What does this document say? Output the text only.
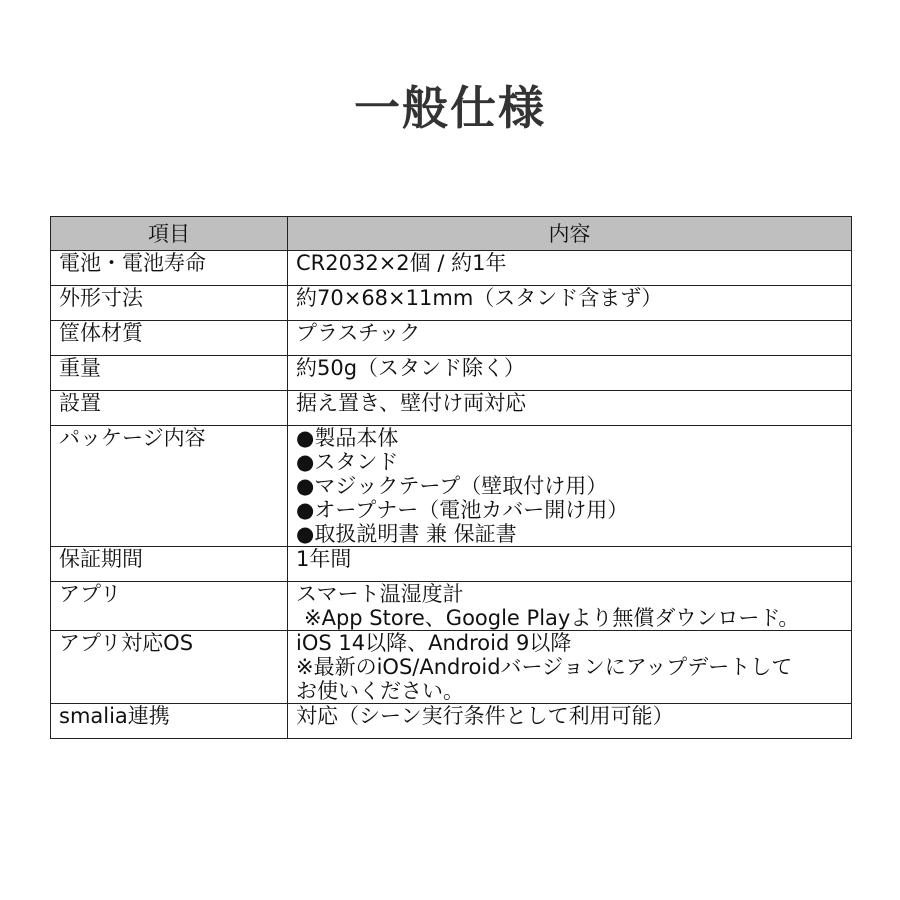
一般仕様
項目	内容
電池・電池寿命	CR2032×2個 / 約1年

外形寸法	約70×68×11mm（スタンド含まず）

筐体材質	プラスチック

重量	約50g（スタンド除く）

設置	据え置き、壁付け両対応

パッケージ内容	●製品本体
●スタンド
●マジックテープ（壁取付け用）
●オープナー（電池カバー開け用）
●取扱説明書 兼 保証書

保証期間	1年間

アプリ	スマート温湿度計
※App Store、Google Playより無償ダウンロード。

アプリ対応OS	iOS 14以降、Android 9以降
※最新のiOS/Androidバージョンにアップデートして
お使いください。

smalia連携	対応（シーン実行条件として利用可能）
